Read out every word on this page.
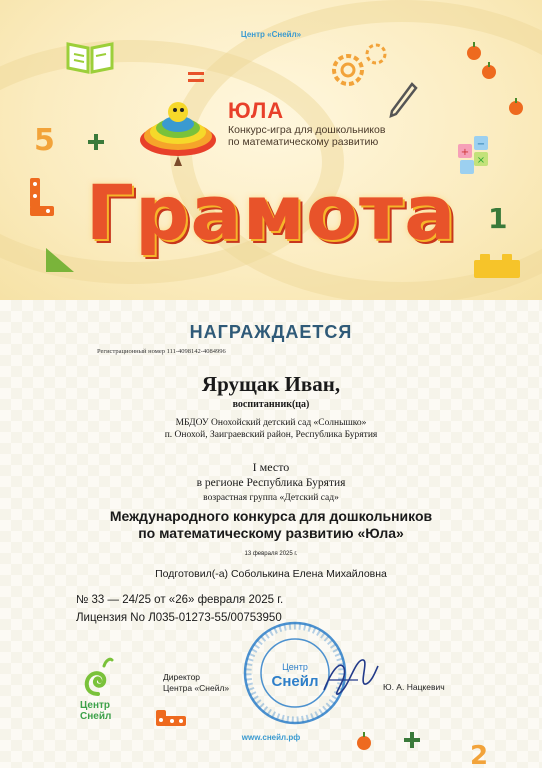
+
−
×
5
1
ЮЛА
Конкурс-игра для дошкольников
по математическому развитию
Центр «Снейл»
Грамота
НАГРАЖДАЕТСЯ
Регистрационный номер 111-4098142-4084996
Ярущак Иван,
воспитанник(ца)
МБДОУ Онохойский детский сад «Солнышко»
п. Онохой, Заиграевский район, Республика Бурятия
I место
в регионе Республика Бурятия
возрастная группа «Детский сад»
Международного конкурса для дошкольников
по математическому развитию «Юла»
13 февраля 2025 г.
Подготовил(-а) Соболькина Елена Михайловна
№ 33 — 24/25 от «26» февраля 2025 г.
Лицензия No Л035-01273-55/00753950
Центр
Снейл
Директор
Центра «Снейл»
Центр
Снейл	Ю. А. Нацкевич
www.снейл.рф
2
